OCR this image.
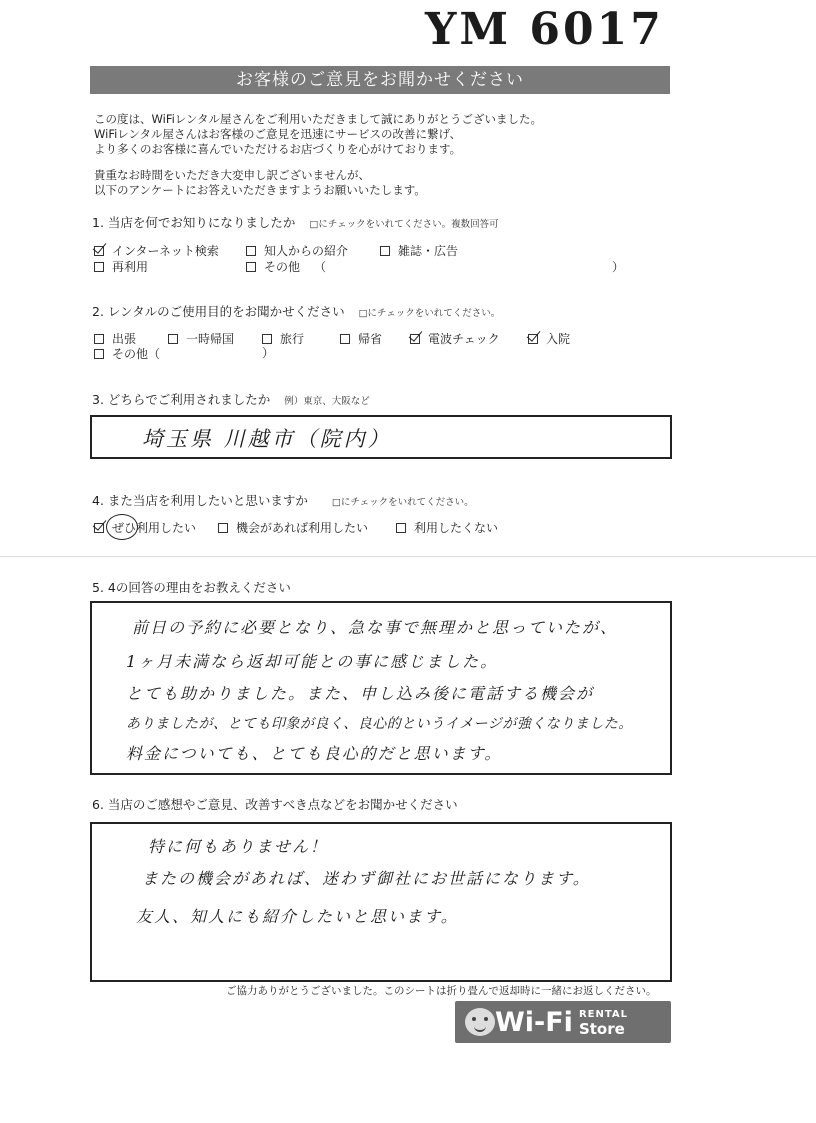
YM 6017
お客様のご意見をお聞かせください
この度は、WiFiレンタル屋さんをご利用いただきまして誠にありがとうございました。
WiFiレンタル屋さんはお客様のご意見を迅速にサービスの改善に繋げ、
より多くのお客様に喜んでいただけるお店づくりを心がけております。
貴重なお時間をいただき大変申し訳ございませんが、
以下のアンケートにお答えいただきますようお願いいたします。
1. 当店を何でお知りになりましたか □にチェックをいれてください。複数回答可
インターネット検索	知人からの紹介	雑誌・広告
再利用	その他 （	）
2. レンタルのご使用目的をお聞かせください □にチェックをいれてください。
出張	一時帰国	旅行	帰省	電波チェック	入院
その他（	）
3. どちらでご利用されましたか 例）東京、大阪など
埼玉県 川越市（院内）
4. また当店を利用したいと思いますか	□にチェックをいれてください。
ぜひ利用したい	機会があれば利用したい	利用したくない
5. 4の回答の理由をお教えください
前日の予約に必要となり、急な事で無理かと思っていたが、
1ヶ月未満なら返却可能との事に感じました。
とても助かりました。また、申し込み後に電話する機会が
ありましたが、とても印象が良く、良心的というイメージが強くなりました。
料金についても、とても良心的だと思います。
6. 当店のご感想やご意見、改善すべき点などをお聞かせください
特に何もありません！
またの機会があれば、迷わず御社にお世話になります。
友人、知人にも紹介したいと思います。
ご協力ありがとうございました。このシートは折り畳んで返却時に一緒にお返しください。
Wi-Fi RENTAL
Store
